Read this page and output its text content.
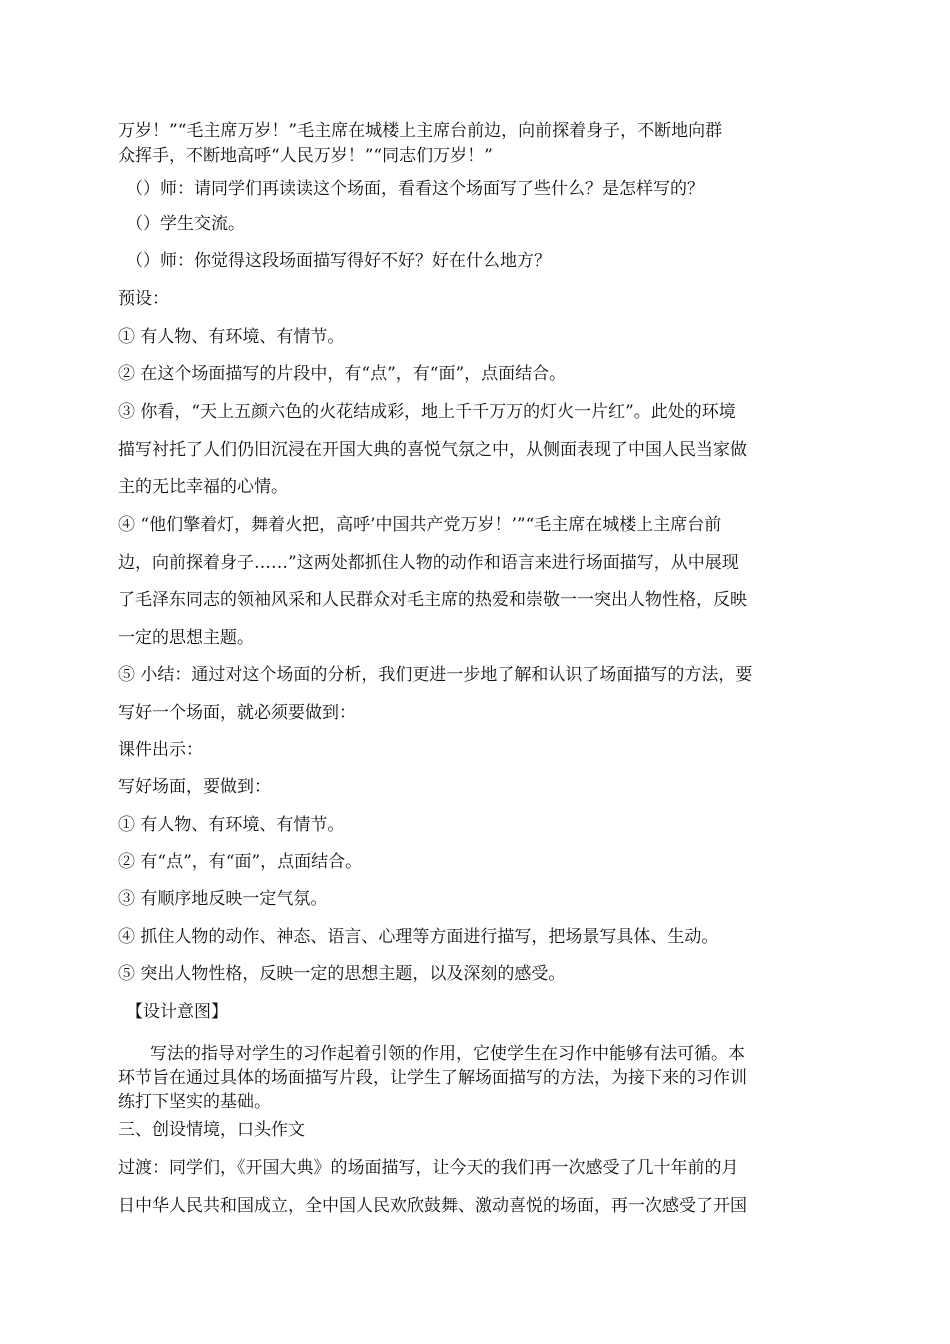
万岁！”“毛主席万岁！”毛主席在城楼上主席台前边，向前探着身子，不断地向群
众挥手，不断地高呼“人民万岁！”“同志们万岁！”
（）师：请同学们再读读这个场面，看看这个场面写了些什么？是怎样写的？
（）学生交流。
（）师：你觉得这段场面描写得好不好？好在什么地方？
预设：
① 有人物、有环境、有情节。
② 在这个场面描写的片段中，有“点”，有“面”，点面结合。
③ 你看，“天上五颜六色的火花结成彩，地上千千万万的灯火一片红”。此处的环境
描写衬托了人们仍旧沉浸在开国大典的喜悦气氛之中，从侧面表现了中国人民当家做
主的无比幸福的心情。
④ “他们擎着灯，舞着火把，高呼’中国共产党万岁！’”“毛主席在城楼上主席台前
边，向前探着身子……”这两处都抓住人物的动作和语言来进行场面描写，从中展现
了毛泽东同志的领袖风采和人民群众对毛主席的热爱和崇敬一一突出人物性格，反映
一定的思想主题。
⑤ 小结：通过对这个场面的分析，我们更进一步地了解和认识了场面描写的方法，要
写好一个场面，就必须要做到：
课件出示：
写好场面，要做到：
① 有人物、有环境、有情节。
② 有“点”，有“面”，点面结合。
③ 有顺序地反映一定气氛。
④ 抓住人物的动作、神态、语言、心理等方面进行描写，把场景写具体、生动。
⑤ 突出人物性格，反映一定的思想主题，以及深刻的感受。
【设计意图】
写法的指导对学生的习作起着引领的作用，它使学生在习作中能够有法可循。本
环节旨在通过具体的场面描写片段，让学生了解场面描写的方法，为接下来的习作训
练打下坚实的基础。
三、创设情境，口头作文
过渡：同学们，《开国大典》的场面描写，让今天的我们再一次感受了几十年前的月
日中华人民共和国成立，全中国人民欢欣鼓舞、激动喜悦的场面，再一次感受了开国
